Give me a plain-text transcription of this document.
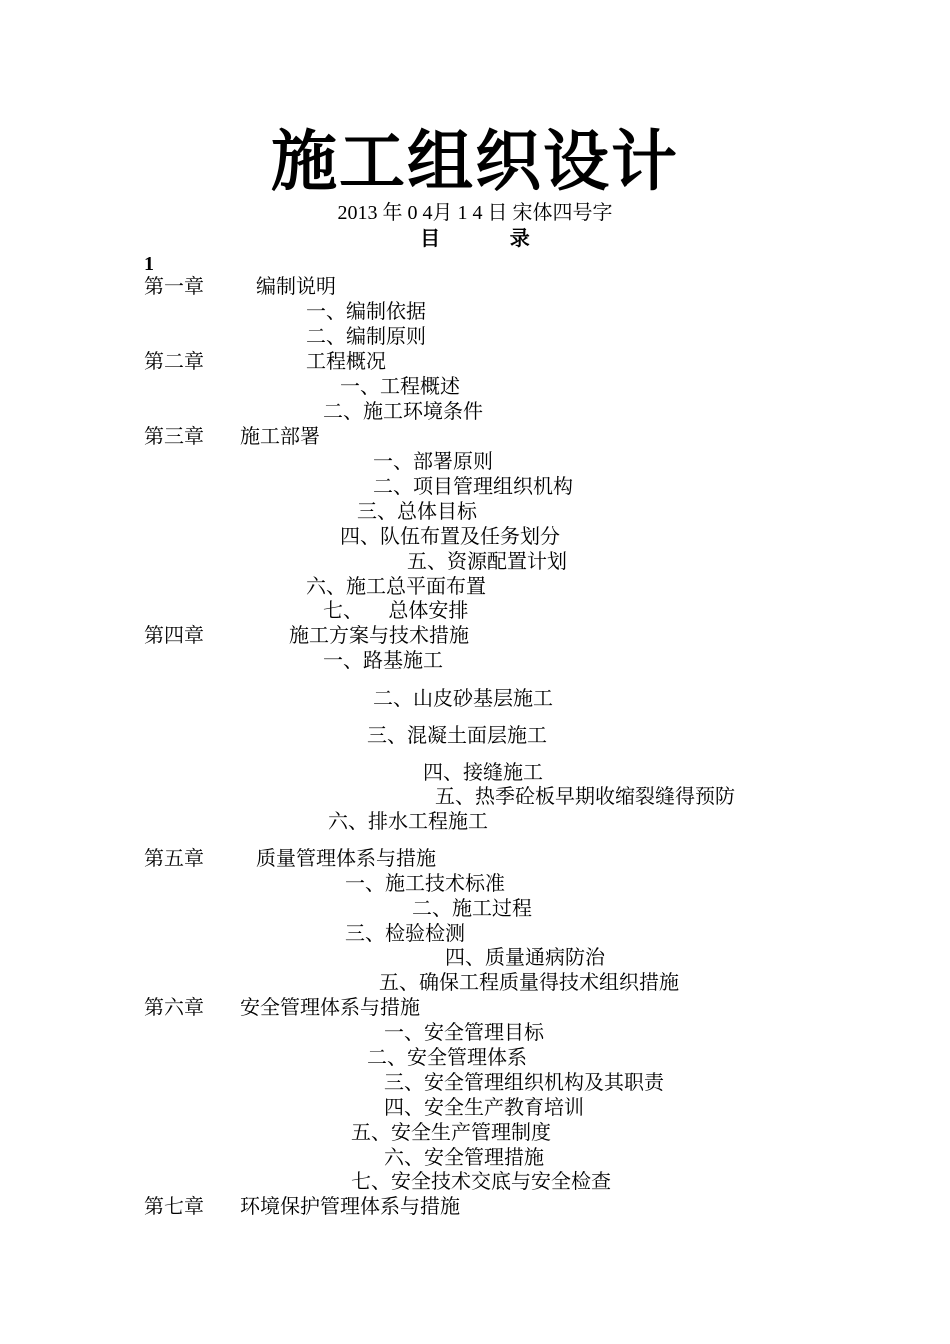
施工组织设计
2013 年 0 4月 1 4 日 宋体四号字
目          录
1
第一章	编制说明
一、编制依据
二、编制原则
第二章	工程概况
一、工程概述
二、施工环境条件
第三章 施工部署
一、部署原则
二、项目管理组织机构
三、总体目标
四、队伍布置及任务划分
五、资源配置计划
六、施工总平面布置
七、    总体安排
第四章	施工方案与技术措施
一、路基施工
二、山皮砂基层施工
三、混凝土面层施工
四、接缝施工
五、热季砼板早期收缩裂缝得预防
六、排水工程施工
第五章	质量管理体系与措施
一、施工技术标准
二、施工过程
三、检验检测
四、质量通病防治
五、确保工程质量得技术组织措施
第六章 安全管理体系与措施
一、安全管理目标
二、安全管理体系
三、安全管理组织机构及其职责
四、安全生产教育培训
五、安全生产管理制度
六、安全管理措施
七、安全技术交底与安全检查
第七章 环境保护管理体系与措施
